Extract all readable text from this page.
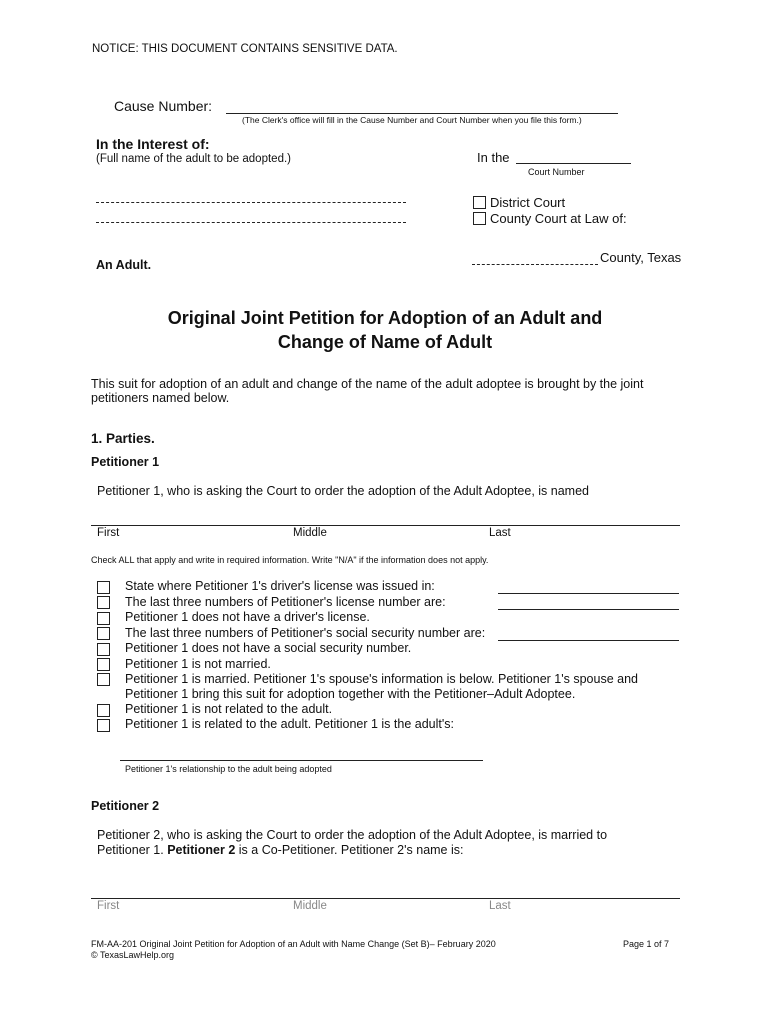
NOTICE: THIS DOCUMENT CONTAINS SENSITIVE DATA.
Cause Number:
(The Clerk's office will fill in the Cause Number and Court Number when you file this form.)
In the Interest of:
(Full name of the adult to be adopted.)
An Adult.
In the
Court Number
District Court
County Court at Law of:
County, Texas
Original Joint Petition for Adoption of an Adult and
Change of Name of Adult
This suit for adoption of an adult and change of the name of the adult adoptee is brought by the joint
petitioners named below.
1. Parties.
Petitioner 1
Petitioner 1, who is asking the Court to order the adoption of the Adult Adoptee, is named
First	Middle	Last
Check ALL that apply and write in required information. Write "N/A" if the information does not apply.
State where Petitioner 1's driver's license was issued in:
The last three numbers of Petitioner's license number are:
Petitioner 1 does not have a driver's license.
The last three numbers of Petitioner's social security number are:
Petitioner 1 does not have a social security number.
Petitioner 1 is not married.
Petitioner 1 is married. Petitioner 1's spouse's information is below. Petitioner 1's spouse and
Petitioner 1 bring this suit for adoption together with the Petitioner–Adult Adoptee.
Petitioner 1 is not related to the adult.
Petitioner 1 is related to the adult. Petitioner 1 is the adult's:
Petitioner 1's relationship to the adult being adopted
Petitioner 2
Petitioner 2, who is asking the Court to order the adoption of the Adult Adoptee, is married to
Petitioner 1. Petitioner 2 is a Co-Petitioner. Petitioner 2's name is:
First	Middle	Last
FM-AA-201 Original Joint Petition for Adoption of an Adult with Name Change (Set B)– February 2020
© TexasLawHelp.org
Page 1 of 7
